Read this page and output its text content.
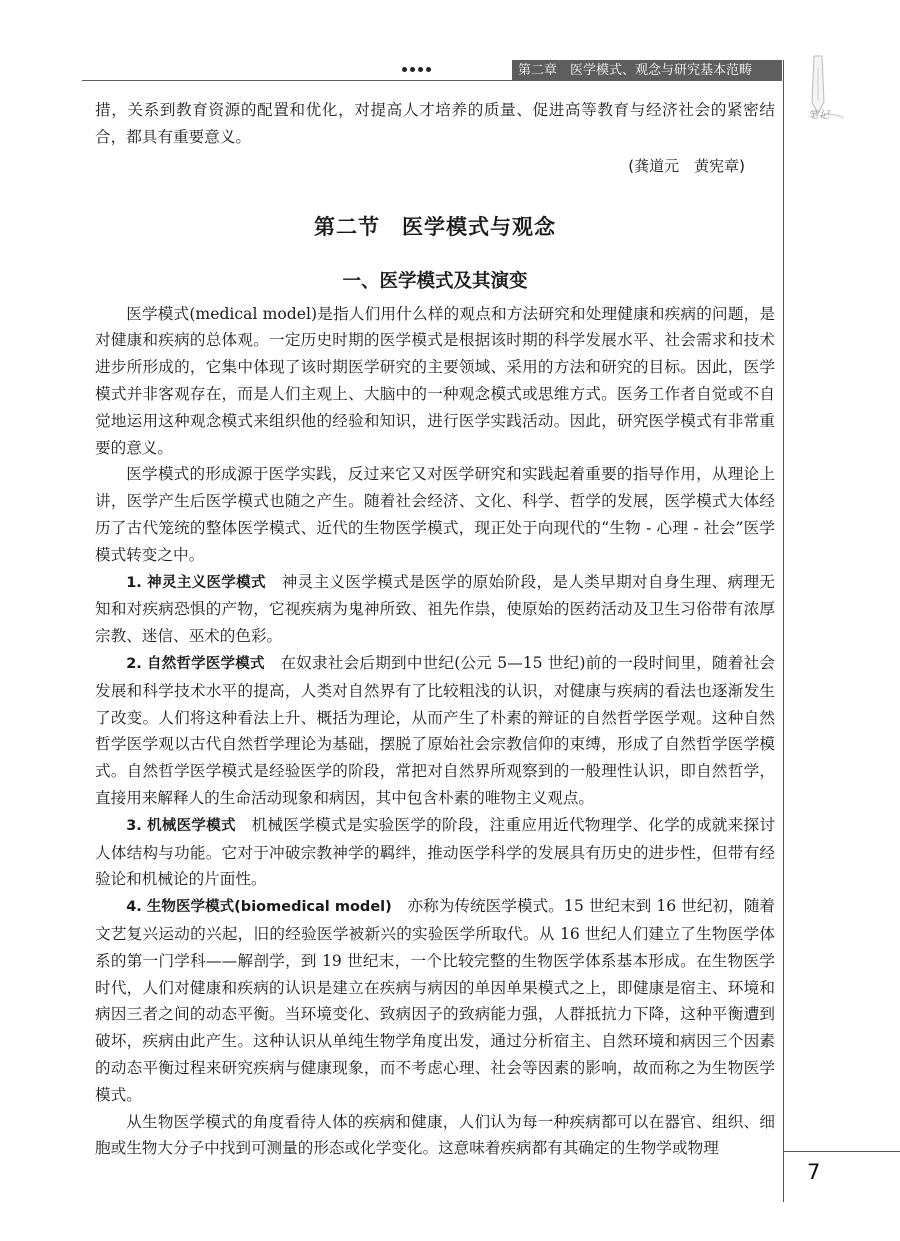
第二章　医学模式、观念与研究基本范畴
笔记

措，关系到教育资源的配置和优化，对提高人才培养的质量、促进高等教育与经济社会的紧密结合，都具有重要意义。

(龚道元　黄宪章)
第二节　医学模式与观念
一、医学模式及其演变

医学模式(medical model)是指人们用什么样的观点和方法研究和处理健康和疾病的问题，是对健康和疾病的总体观。一定历史时期的医学模式是根据该时期的科学发展水平、社会需求和技术进步所形成的，它集中体现了该时期医学研究的主要领域、采用的方法和研究的目标。因此，医学模式并非客观存在，而是人们主观上、大脑中的一种观念模式或思维方式。医务工作者自觉或不自觉地运用这种观念模式来组织他的经验和知识，进行医学实践活动。因此，研究医学模式有非常重要的意义。

医学模式的形成源于医学实践，反过来它又对医学研究和实践起着重要的指导作用，从理论上讲，医学产生后医学模式也随之产生。随着社会经济、文化、科学、哲学的发展，医学模式大体经历了古代笼统的整体医学模式、近代的生物医学模式，现正处于向现代的“生物 - 心理 - 社会”医学模式转变之中。

1. 神灵主义医学模式　 神灵主义医学模式是医学的原始阶段，是人类早期对自身生理、病理无知和对疾病恐惧的产物，它视疾病为鬼神所致、祖先作祟，使原始的医药活动及卫生习俗带有浓厚宗教、迷信、巫术的色彩。

2. 自然哲学医学模式　 在奴隶社会后期到中世纪(公元 5—15 世纪)前的一段时间里，随着社会发展和科学技术水平的提高，人类对自然界有了比较粗浅的认识，对健康与疾病的看法也逐渐发生了改变。人们将这种看法上升、概括为理论，从而产生了朴素的辩证的自然哲学医学观。这种自然哲学医学观以古代自然哲学理论为基础，摆脱了原始社会宗教信仰的束缚，形成了自然哲学医学模式。自然哲学医学模式是经验医学的阶段，常把对自然界所观察到的一般理性认识，即自然哲学，直接用来解释人的生命活动现象和病因，其中包含朴素的唯物主义观点。

3. 机械医学模式　 机械医学模式是实验医学的阶段，注重应用近代物理学、化学的成就来探讨人体结构与功能。它对于冲破宗教神学的羁绊，推动医学科学的发展具有历史的进步性，但带有经验论和机械论的片面性。

4. 生物医学模式(biomedical model)　 亦称为传统医学模式。15 世纪末到 16 世纪初，随着文艺复兴运动的兴起，旧的经验医学被新兴的实验医学所取代。从 16 世纪人们建立了生物医学体系的第一门学科——解剖学，到 19 世纪末，一个比较完整的生物医学体系基本形成。在生物医学时代，人们对健康和疾病的认识是建立在疾病与病因的单因单果模式之上，即健康是宿主、环境和病因三者之间的动态平衡。当环境变化、致病因子的致病能力强，人群抵抗力下降，这种平衡遭到破坏，疾病由此产生。这种认识从单纯生物学角度出发，通过分析宿主、自然环境和病因三个因素的动态平衡过程来研究疾病与健康现象，而不考虑心理、社会等因素的影响，故而称之为生物医学模式。

从生物医学模式的角度看待人体的疾病和健康，人们认为每一种疾病都可以在器官、组织、细胞或生物大分子中找到可测量的形态或化学变化。这意味着疾病都有其确定的生物学或物理

7
